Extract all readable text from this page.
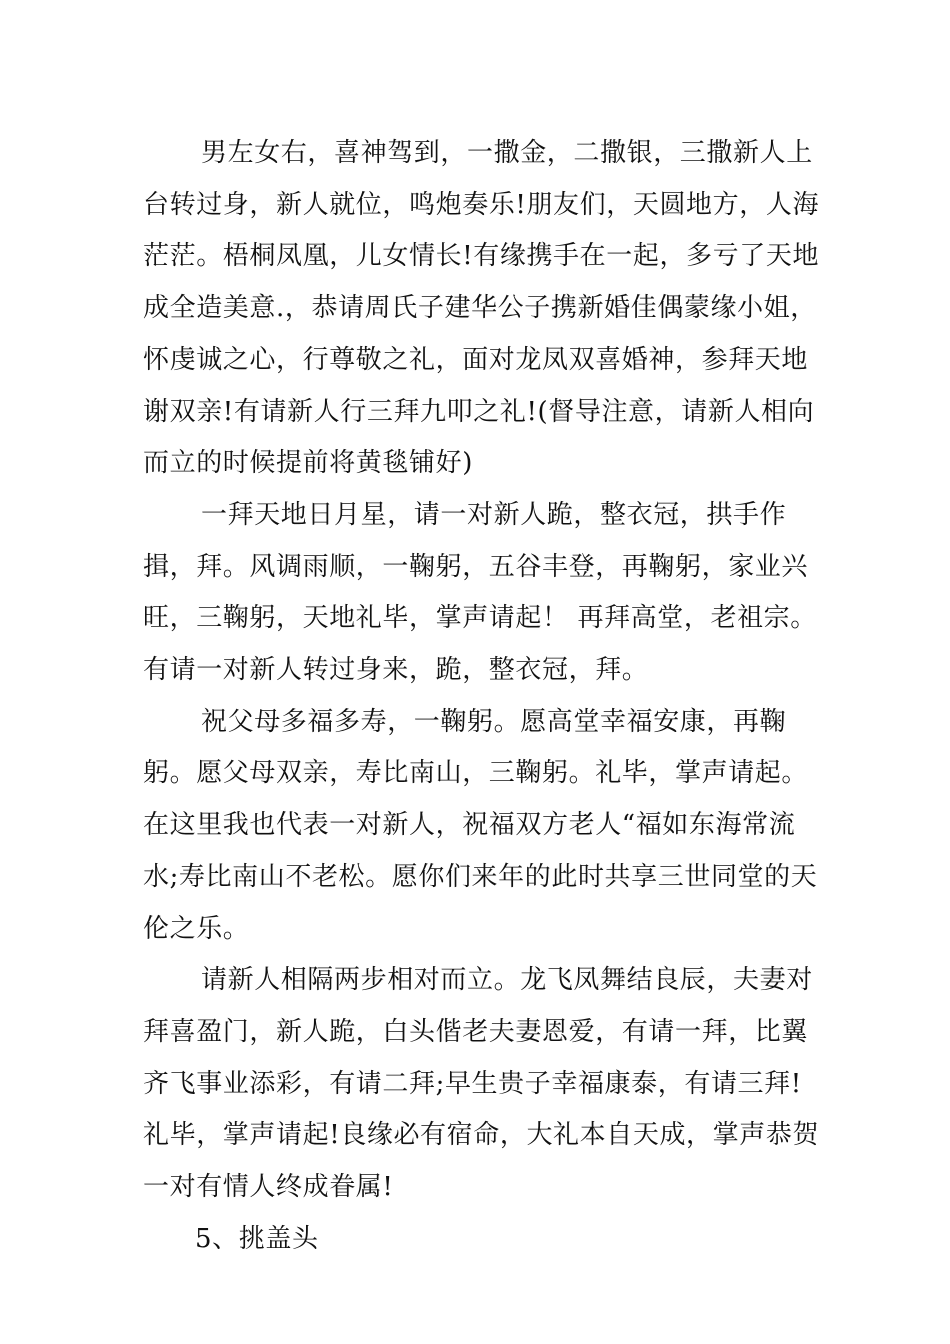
男左女右，喜神驾到，一撒金，二撒银，三撒新人上台转过身，新人就位，鸣炮奏乐!朋友们，天圆地方，人海茫茫。梧桐凤凰，儿女情长!有缘携手在一起，多亏了天地成全造美意.，恭请周氏子建华公子携新婚佳偶蒙缘小姐，怀虔诚之心，行尊敬之礼，面对龙凤双喜婚神，参拜天地谢双亲!有请新人行三拜九叩之礼!(督导注意，请新人相向而立的时候提前将黄毯铺好)

一拜天地日月星，请一对新人跪，整衣冠，拱手作揖，拜。风调雨顺，一鞠躬，五谷丰登，再鞠躬，家业兴旺，三鞠躬，天地礼毕，掌声请起！ 再拜高堂，老祖宗。有请一对新人转过身来，跪，整衣冠，拜。

祝父母多福多寿，一鞠躬。愿高堂幸福安康，再鞠躬。愿父母双亲，寿比南山，三鞠躬。礼毕，掌声请起。在这里我也代表一对新人，祝福双方老人“福如东海常流水;寿比南山不老松。愿你们来年的此时共享三世同堂的天伦之乐。

请新人相隔两步相对而立。龙飞凤舞结良辰，夫妻对拜喜盈门，新人跪，白头偕老夫妻恩爱，有请一拜，比翼齐飞事业添彩，有请二拜;早生贵子幸福康泰，有请三拜!礼毕，掌声请起!良缘必有宿命，大礼本自天成，掌声恭贺一对有情人终成眷属!

5、挑盖头
